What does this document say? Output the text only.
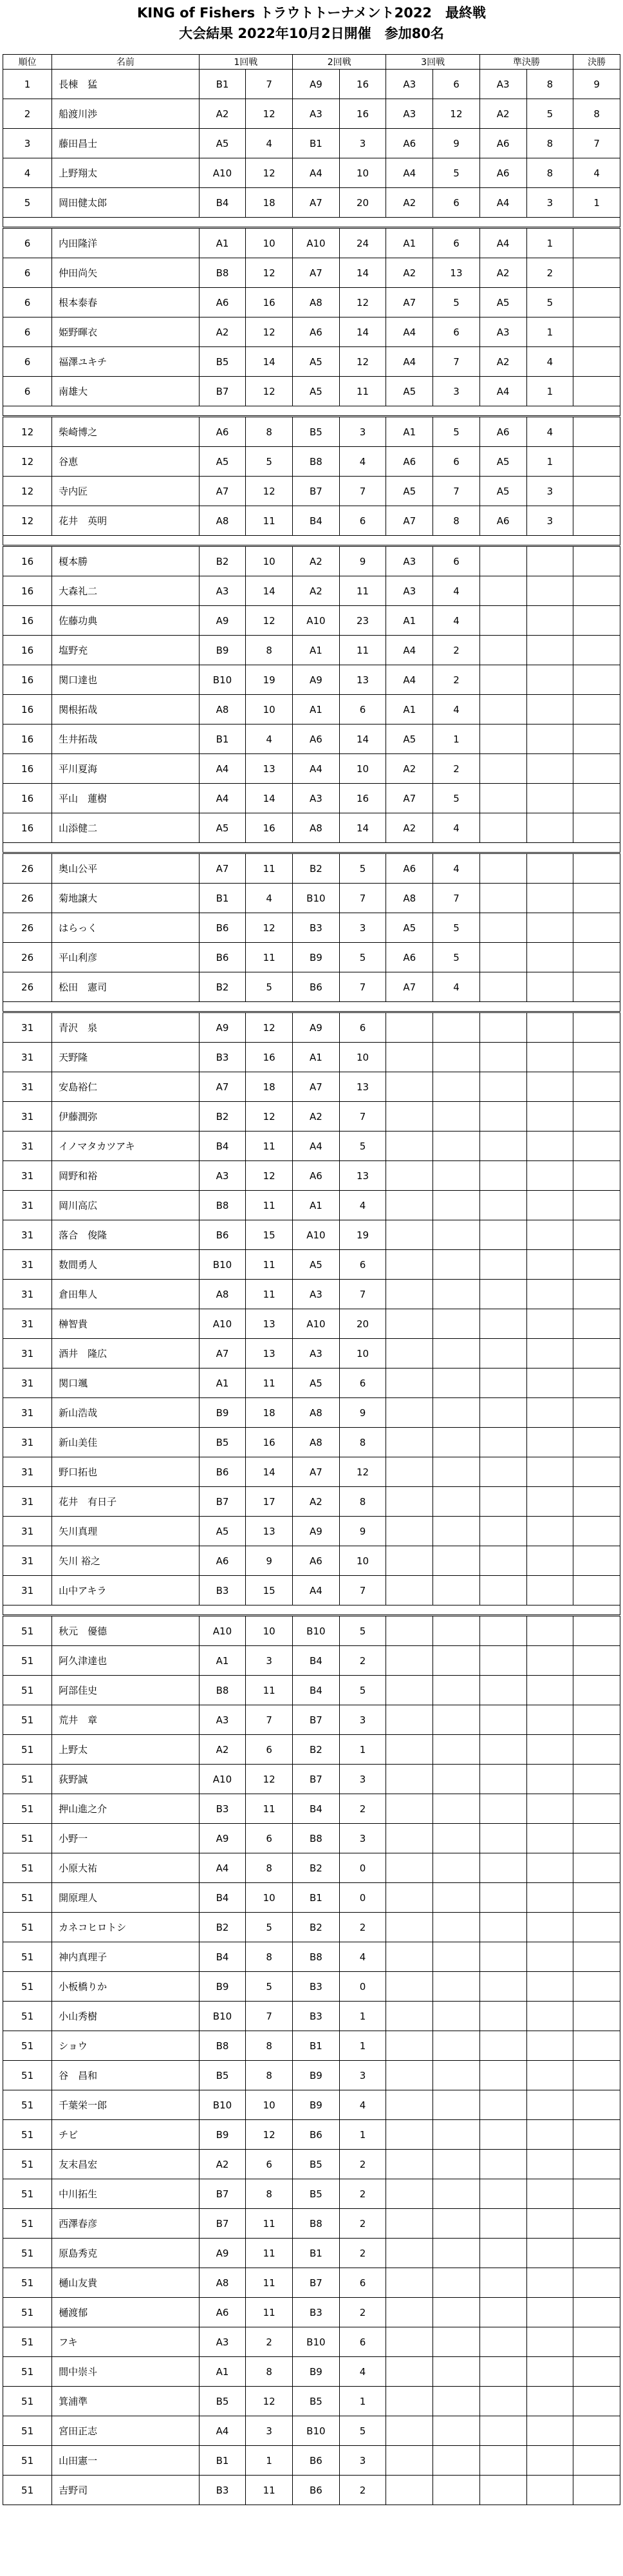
KING of Fishers トラウトトーナメント2022　最終戦
大会結果 2022年10月2日開催　参加80名
順位	名前	1回戦		2回戦		3回戦		準決勝		決勝
1	長棟　猛	B1	7	A9	16	A3	6	A3	8	9
2	船渡川渉	A2	12	A3	16	A3	12	A2	5	8
3	藤田昌士	A5	4	B1	3	A6	9	A6	8	7
4	上野翔太	A10	12	A4	10	A4	5	A6	8	4
5	岡田健太郎	B4	18	A7	20	A2	6	A4	3	1

6	内田隆洋	A1	10	A10	24	A1	6	A4	1	
6	仲田尚矢	B8	12	A7	14	A2	13	A2	2	
6	根本泰春	A6	16	A8	12	A7	5	A5	5	
6	姫野暉衣	A2	12	A6	14	A4	6	A3	1	
6	福澤ユキチ	B5	14	A5	12	A4	7	A2	4	
6	南雄大	B7	12	A5	11	A5	3	A4	1	

12	柴崎博之	A6	8	B5	3	A1	5	A6	4	
12	谷恵	A5	5	B8	4	A6	6	A5	1	
12	寺内匠	A7	12	B7	7	A5	7	A5	3	
12	花井　英明	A8	11	B4	6	A7	8	A6	3	

16	榎本勝	B2	10	A2	9	A3	6			
16	大森礼二	A3	14	A2	11	A3	4			
16	佐藤功典	A9	12	A10	23	A1	4			
16	塩野充	B9	8	A1	11	A4	2			
16	関口達也	B10	19	A9	13	A4	2			
16	関根拓哉	A8	10	A1	6	A1	4			
16	生井拓哉	B1	4	A6	14	A5	1			
16	平川夏海	A4	13	A4	10	A2	2			
16	平山　蓮樹	A4	14	A3	16	A7	5			
16	山添健二	A5	16	A8	14	A2	4			

26	奥山公平	A7	11	B2	5	A6	4			
26	菊地譲大	B1	4	B10	7	A8	7			
26	はらっく	B6	12	B3	3	A5	5			
26	平山利彦	B6	11	B9	5	A6	5			
26	松田　憲司	B2	5	B6	7	A7	4			

31	青沢　泉	A9	12	A9	6					
31	天野隆	B3	16	A1	10					
31	安島裕仁	A7	18	A7	13					
31	伊藤潤弥	B2	12	A2	7					
31	イノマタカツアキ	B4	11	A4	5					
31	岡野和裕	A3	12	A6	13					
31	岡川高広	B8	11	A1	4					
31	落合　俊隆	B6	15	A10	19					
31	数間勇人	B10	11	A5	6					
31	倉田隼人	A8	11	A3	7					
31	榊智貴	A10	13	A10	20					
31	酒井　隆広	A7	13	A3	10					
31	関口颯	A1	11	A5	6					
31	新山浩哉	B9	18	A8	9					
31	新山美佳	B5	16	A8	8					
31	野口拓也	B6	14	A7	12					
31	花井　有日子	B7	17	A2	8					
31	矢川真理	A5	13	A9	9					
31	矢川 裕之	A6	9	A6	10					
31	山中アキラ	B3	15	A4	7					

51	秋元　優德	A10	10	B10	5					
51	阿久津達也	A1	3	B4	2					
51	阿部佳史	B8	11	B4	5					
51	荒井　章	A3	7	B7	3					
51	上野太	A2	6	B2	1					
51	荻野誠	A10	12	B7	3					
51	押山進之介	B3	11	B4	2					
51	小野一	A9	6	B8	3					
51	小原大祐	A4	8	B2	0					
51	開原理人	B4	10	B1	0					
51	カネコヒロトシ	B2	5	B2	2					
51	神内真理子	B4	8	B8	4					
51	小板橋りか	B9	5	B3	0					
51	小山秀樹	B10	7	B3	1					
51	ショウ	B8	8	B1	1					
51	谷　昌和	B5	8	B9	3					
51	千葉栄一郎	B10	10	B9	4					
51	チビ	B9	12	B6	1					
51	友末昌宏	A2	6	B5	2					
51	中川拓生	B7	8	B5	2					
51	西澤春彦	B7	11	B8	2					
51	原島秀克	A9	11	B1	2					
51	樋山友貴	A8	11	B7	6					
51	樋渡郁	A6	11	B3	2					
51	フキ	A3	2	B10	6					
51	間中崇斗	A1	8	B9	4					
51	箕浦準	B5	12	B5	1					
51	宮田正志	A4	3	B10	5					
51	山田憲一	B1	1	B6	3					
51	吉野司	B3	11	B6	2					
